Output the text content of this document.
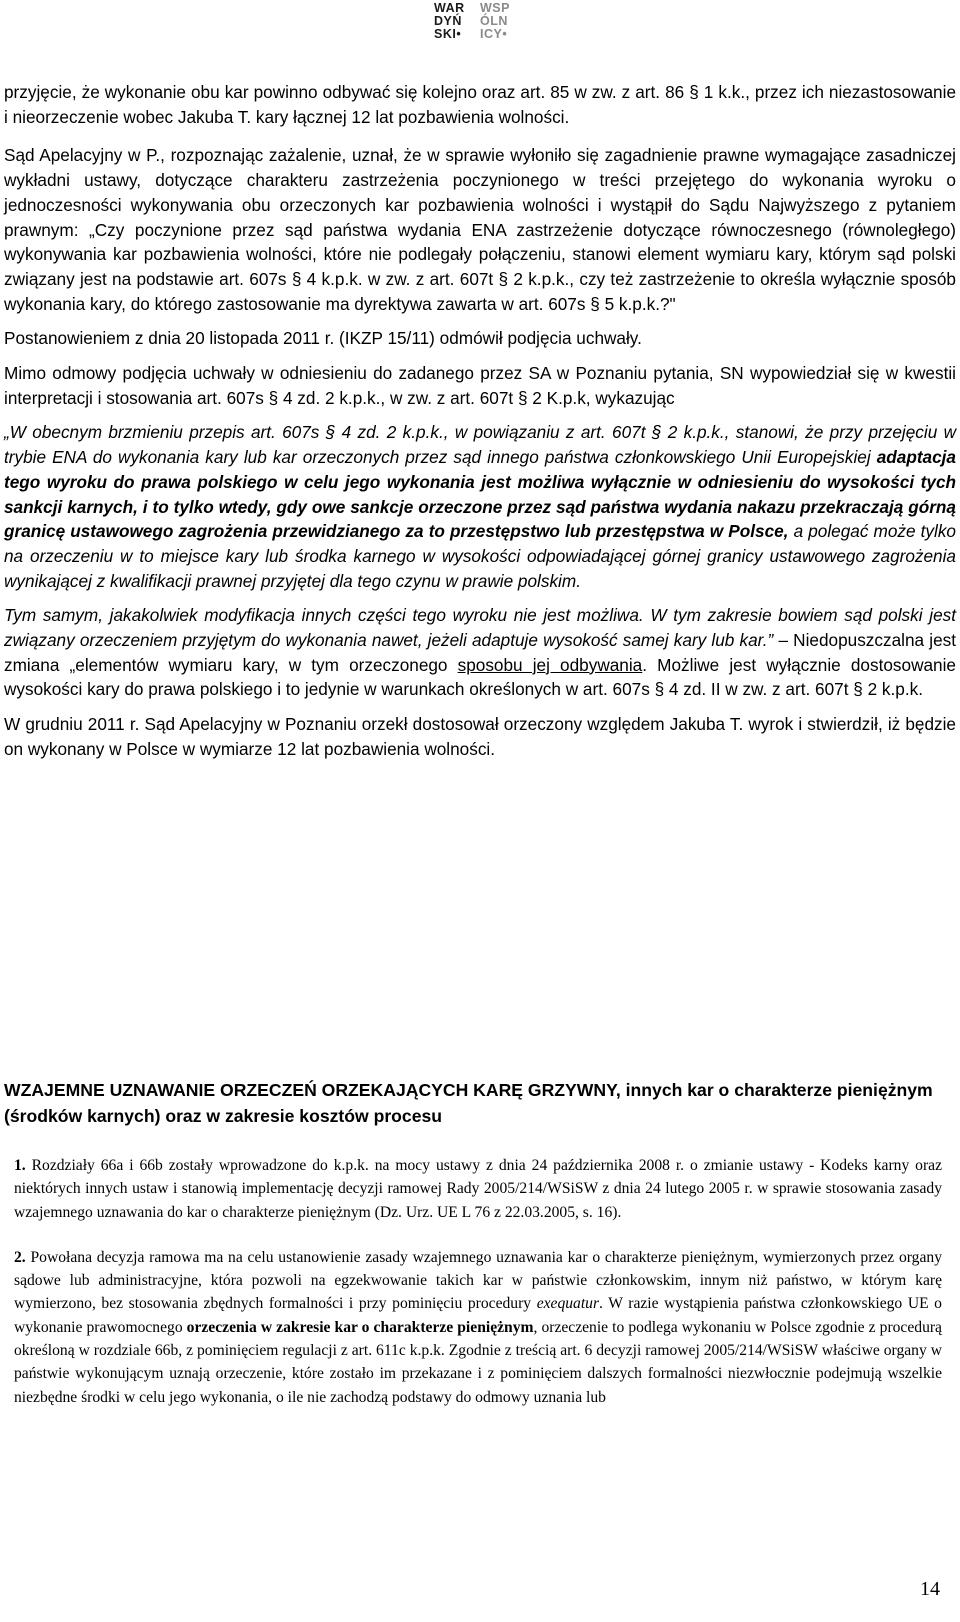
WAR	WSP
DYŃ	ÓLN
SKI•	ICY•

przyjęcie, że wykonanie obu kar powinno odbywać się kolejno oraz art. 85 w zw. z art. 86 § 1 k.k., przez ich niezastosowanie i nieorzeczenie wobec Jakuba T. kary łącznej 12 lat pozbawienia wolności.

Sąd Apelacyjny w P., rozpoznając zażalenie, uznał, że w sprawie wyłoniło się zagadnienie prawne wymagające zasadniczej wykładni ustawy, dotyczące charakteru zastrzeżenia poczynionego w treści przejętego do wykonania wyroku o jednoczesności wykonywania obu orzeczonych kar pozbawienia wolności i wystąpił do Sądu Najwyższego z pytaniem prawnym: „Czy poczynione przez sąd państwa wydania ENA zastrzeżenie dotyczące równoczesnego (równoległego) wykonywania kar pozbawienia wolności, które nie podlegały połączeniu, stanowi element wymiaru kary, którym sąd polski związany jest na podstawie art. 607s § 4 k.p.k. w zw. z art. 607t § 2 k.p.k., czy też zastrzeżenie to określa wyłącznie sposób wykonania kary, do którego zastosowanie ma dyrektywa zawarta w art. 607s § 5 k.p.k.?"

Postanowieniem z dnia 20 listopada 2011 r. (IKZP 15/11) odmówił podjęcia uchwały.

Mimo odmowy podjęcia uchwały w odniesieniu do zadanego przez SA w Poznaniu pytania, SN wypowiedział się w kwestii interpretacji i stosowania art. 607s § 4 zd. 2 k.p.k., w zw. z art. 607t § 2 K.p.k, wykazując

„W obecnym brzmieniu przepis art. 607s § 4 zd. 2 k.p.k., w powiązaniu z art. 607t § 2 k.p.k., stanowi, że przy przejęciu w trybie ENA do wykonania kary lub kar orzeczonych przez sąd innego państwa członkowskiego Unii Europejskiej adaptacja tego wyroku do prawa polskiego w celu jego wykonania jest możliwa wyłącznie w odniesieniu do wysokości tych sankcji karnych, i to tylko wtedy, gdy owe sankcje orzeczone przez sąd państwa wydania nakazu przekraczają górną granicę ustawowego zagrożenia przewidzianego za to przestępstwo lub przestępstwa w Polsce, a polegać może tylko na orzeczeniu w to miejsce kary lub środka karnego w wysokości odpowiadającej górnej granicy ustawowego zagrożenia wynikającej z kwalifikacji prawnej przyjętej dla tego czynu w prawie polskim.

Tym samym, jakakolwiek modyfikacja innych części tego wyroku nie jest możliwa. W tym zakresie bowiem sąd polski jest związany orzeczeniem przyjętym do wykonania nawet, jeżeli adaptuje wysokość samej kary lub kar.” – Niedopuszczalna jest zmiana „elementów wymiaru kary, w tym orzeczonego sposobu jej odbywania. Możliwe jest wyłącznie dostosowanie wysokości kary do prawa polskiego i to jedynie w warunkach określonych w art. 607s § 4 zd. II w zw. z art. 607t § 2 k.p.k.

W grudniu 2011 r. Sąd Apelacyjny w Poznaniu orzekł dostosował orzeczony względem Jakuba T. wyrok i stwierdził, iż będzie on wykonany w Polsce w wymiarze 12 lat pozbawienia wolności.

WZAJEMNE UZNAWANIE ORZECZEŃ ORZEKAJĄCYCH KARĘ GRZYWNY, innych kar o charakterze pieniężnym (środków karnych) oraz w zakresie kosztów procesu

1. Rozdziały 66a i 66b zostały wprowadzone do k.p.k. na mocy ustawy z dnia 24 października 2008 r. o zmianie ustawy - Kodeks karny oraz niektórych innych ustaw i stanowią implementację decyzji ramowej Rady 2005/214/WSiSW z dnia 24 lutego 2005 r. w sprawie stosowania zasady wzajemnego uznawania do kar o charakterze pieniężnym (Dz. Urz. UE L 76 z 22.03.2005, s. 16).

2. Powołana decyzja ramowa ma na celu ustanowienie zasady wzajemnego uznawania kar o charakterze pieniężnym, wymierzonych przez organy sądowe lub administracyjne, która pozwoli na egzekwowanie takich kar w państwie członkowskim, innym niż państwo, w którym karę wymierzono, bez stosowania zbędnych formalności i przy pominięciu procedury exequatur. W razie wystąpienia państwa członkowskiego UE o wykonanie prawomocnego orzeczenia w zakresie kar o charakterze pieniężnym, orzeczenie to podlega wykonaniu w Polsce zgodnie z procedurą określoną w rozdziale 66b, z pominięciem regulacji z art. 611c k.p.k. Zgodnie z treścią art. 6 decyzji ramowej 2005/214/WSiSW właściwe organy w państwie wykonującym uznają orzeczenie, które zostało im przekazane i z pominięciem dalszych formalności niezwłocznie podejmują wszelkie niezbędne środki w celu jego wykonania, o ile nie zachodzą podstawy do odmowy uznania lub

14
